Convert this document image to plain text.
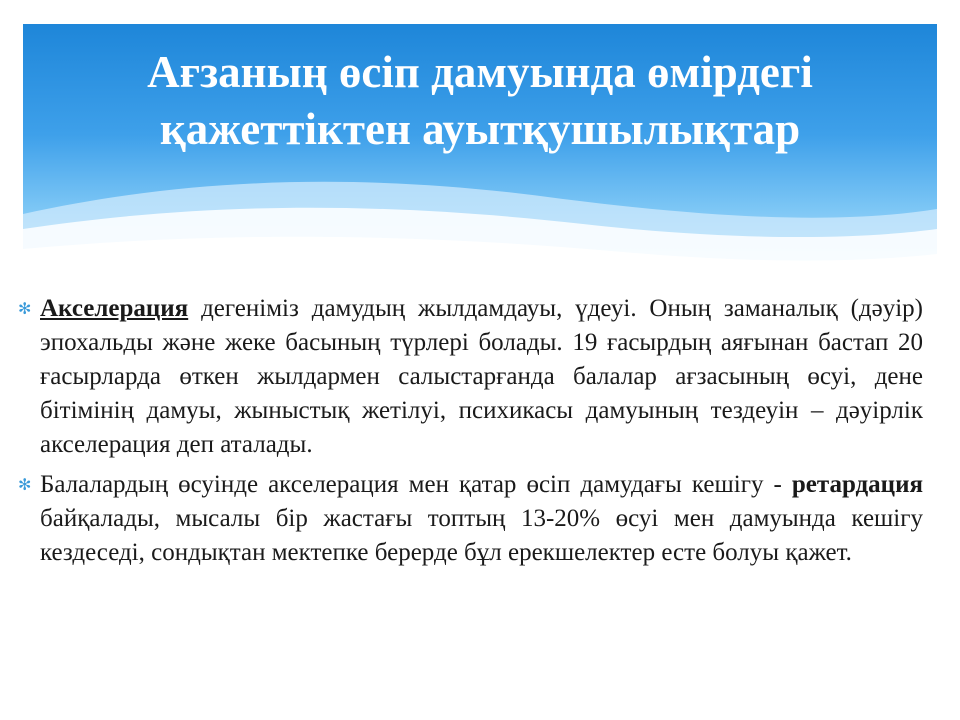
Ағзаның өсіп дамуында өмірдегі
қажеттіктен ауытқушылықтар
✻ Акселерация дегеніміз дамудың жылдамдауы, үдеуі. Оның заманалық (дәуір) эпохальды және жеке басының түрлері болады. 19 ғасырдың аяғынан бастап 20 ғасырларда өткен жылдармен салыстарғанда балалар ағзасының өсуі, дене бітімінің дамуы, жыныстық жетілуі, психикасы дамуының тездеуін – дәуірлік акселерация деп аталады.
✻ Балалардың өсуінде акселерация мен қатар өсіп дамудағы кешігу - ретардация байқалады, мысалы бір жастағы топтың 13-20% өсуі мен дамуында кешігу кездеседі, сондықтан мектепке берерде бұл ерекшелектер есте болуы қажет.
